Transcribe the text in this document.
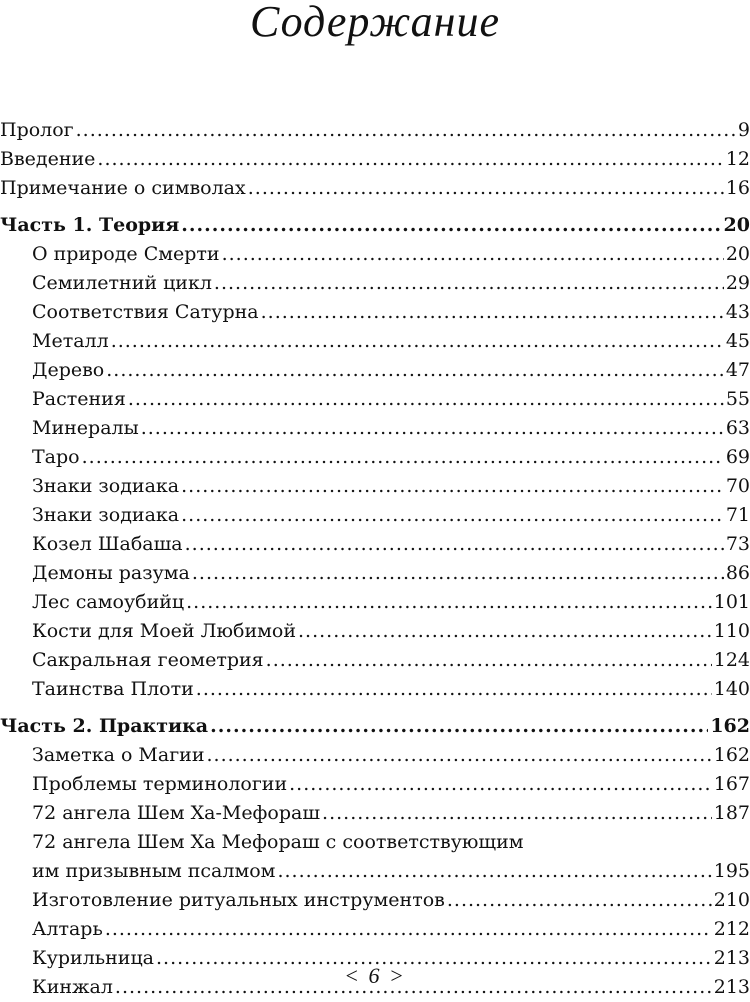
Содержание
Пролог .....	9
Введение .....	12
Примечание о символах .....	16
Часть 1. Теория .....	20
О природе Смерти .....	20
Семилетний цикл .....	29
Соответствия Сатурна .....	43
Металл .....	45
Дерево .....	47
Растения .....	55
Минералы .....	63
Таро .....	69
Знаки зодиака .....	70
Знаки зодиака .....	71
Козел Шабаша .....	73
Демоны разума .....	86
Лес самоубийц .....	101
Кости для Моей Любимой .....	110
Сакральная геометрия .....	124
Таинства Плоти .....	140
Часть 2. Практика .....	162
Заметка о Магии .....	162
Проблемы терминологии .....	167
72 ангела Шем Ха-Мефораш .....	187
72 ангела Шем Ха Мефораш с соответствующим
им призывным псалмом .....	195
Изготовление ритуальных инструментов .....	210
Алтарь .....	212
Курильница .....	213
Кинжал .....	213
< 6 >
